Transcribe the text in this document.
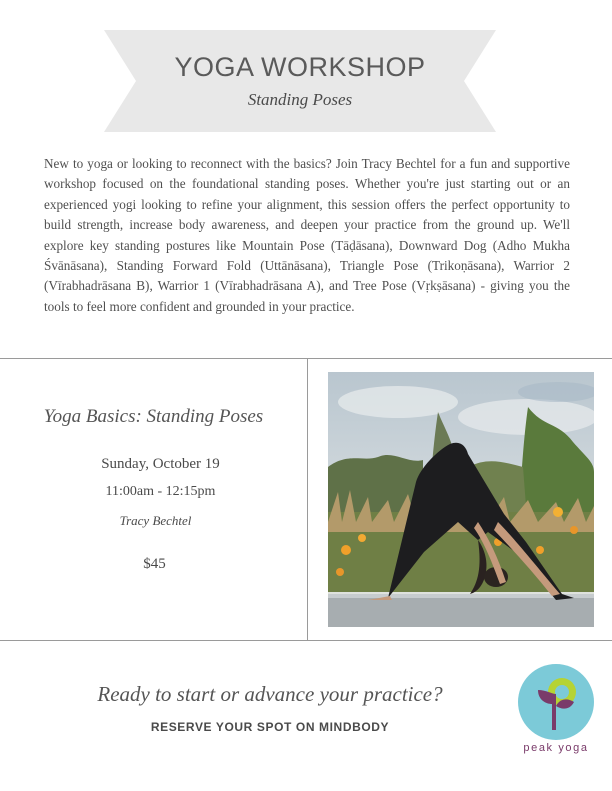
YOGA WORKSHOP
Standing Poses
New to yoga or looking to reconnect with the basics? Join Tracy Bechtel for a fun and supportive workshop focused on the foundational standing poses. Whether you're just starting out or an experienced yogi looking to refine your alignment, this session offers the perfect opportunity to build strength, increase body awareness, and deepen your practice from the ground up. We'll explore key standing postures like Mountain Pose (Tāḍāsana), Downward Dog (Adho Mukha Śvānāsana), Standing Forward Fold (Uttānāsana), Triangle Pose (Trikoṇāsana), Warrior 2 (Vīrabhadrāsana B), Warrior 1 (Vīrabhadrāsana A), and Tree Pose (Vṛkṣāsana) - giving you the tools to feel more confident and grounded in your practice.
Yoga Basics: Standing Poses
Sunday, October 19
11:00am - 12:15pm
Tracy Bechtel
$45
Ready to start or advance your practice?
RESERVE YOUR SPOT ON MINDBODY
peak yoga
